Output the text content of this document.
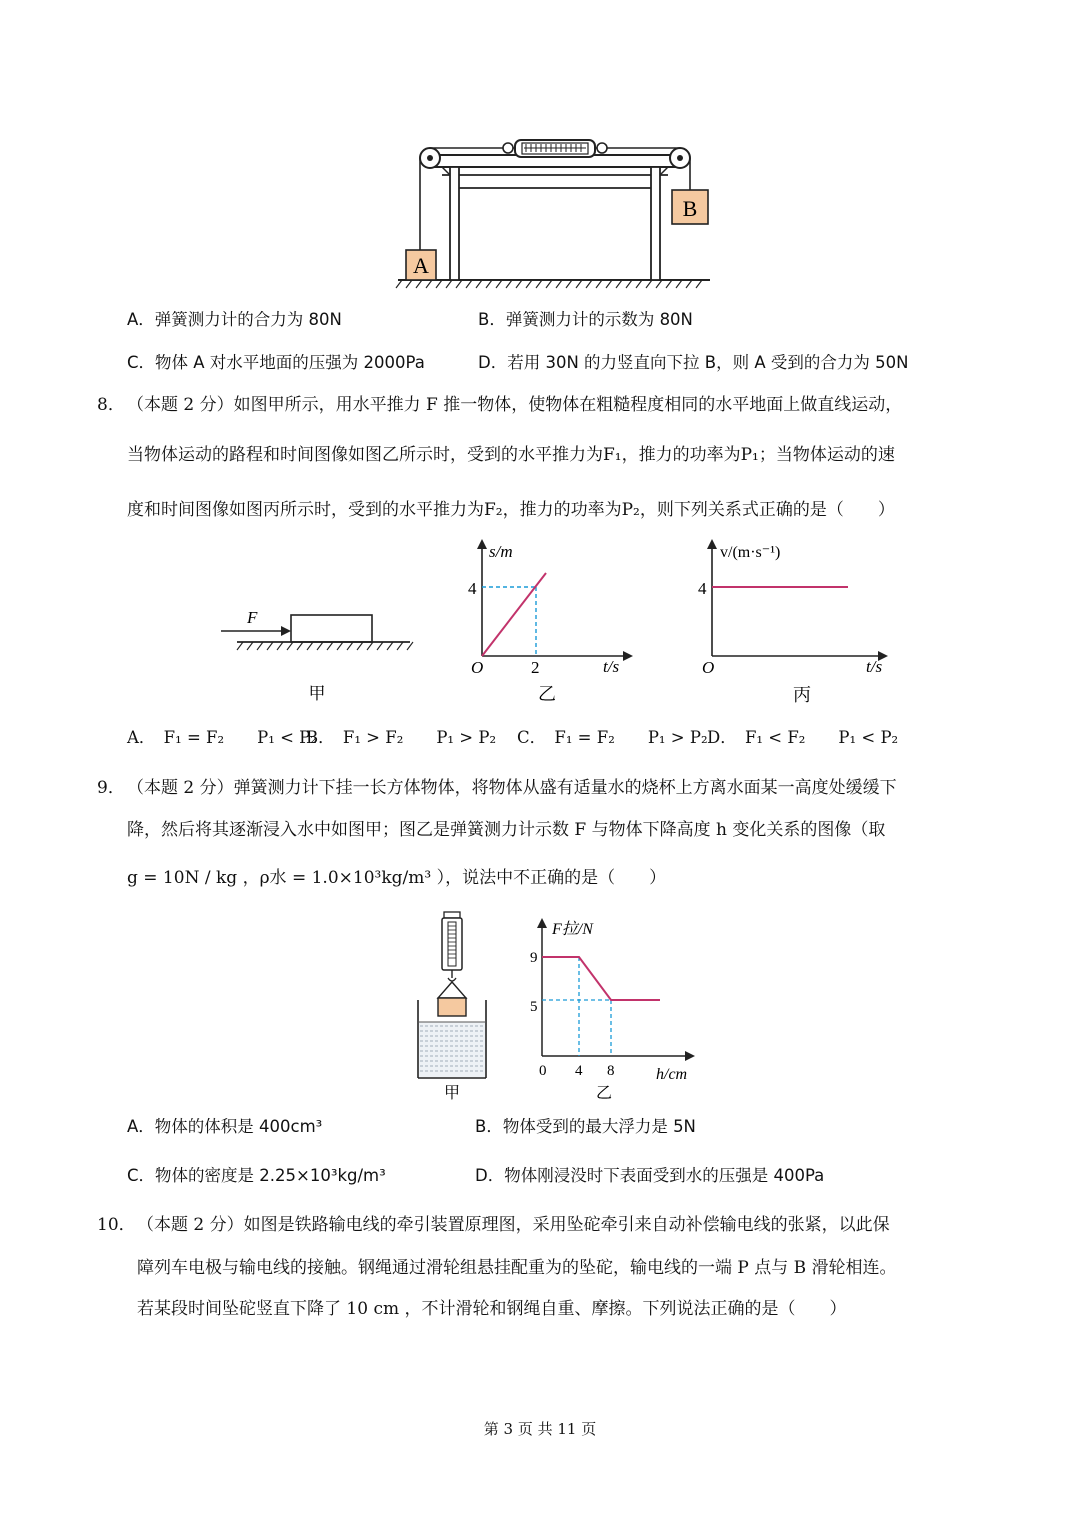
A
B
A．弹簧测力计的合力为 80N	B．弹簧测力计的示数为 80N
C．物体 A 对水平地面的压强为 2000Pa	D．若用 30N 的力竖直向下拉 B，则 A 受到的合力为 50N
8． （本题 2 分）如图甲所示，用水平推力 F 推一物体，使物体在粗糙程度相同的水平地面上做直线运动，
当物体运动的路程和时间图像如图乙所示时，受到的水平推力为F₁，推力的功率为P₁；当物体运动的速
度和时间图像如图丙所示时，受到的水平推力为F₂，推力的功率为P₂，则下列关系式正确的是（　　）
F
甲
s/m
t/s
O
4
2
乙
v/(m·s⁻¹)
t/s
O
4
丙
A．　F₁ = F₂　　P₁ < P₂
B．　F₁ > F₂　　P₁ > P₂ C．　F₁ = F₂　　P₁ > P₂ D．　F₁ < F₂　　P₁ < P₂
9． （本题 2 分）弹簧测力计下挂一长方体物体，将物体从盛有适量水的烧杯上方离水面某一高度处缓缓下
降，然后将其逐渐浸入水中如图甲；图乙是弹簧测力计示数 F 与物体下降高度 h 变化关系的图像（取
g = 10N / kg ，ρ水 = 1.0×10³kg/m³ ），说法中不正确的是（　　）
甲
F拉/N
h/cm
9
5
0 4 8
乙
A．物体的体积是 400cm³	B．物体受到的最大浮力是 5N
C．物体的密度是 2.25×10³kg/m³	D．物体刚浸没时下表面受到水的压强是 400Pa
10． （本题 2 分）如图是铁路输电线的牵引装置原理图，采用坠砣牵引来自动补偿输电线的张紧，以此保
障列车电极与输电线的接触。钢绳通过滑轮组悬挂配重为的坠砣，输电线的一端 P 点与 B 滑轮相连。
若某段时间坠砣竖直下降了 10 cm ，不计滑轮和钢绳自重、摩擦。下列说法正确的是（　　）
第 3 页 共 11 页
